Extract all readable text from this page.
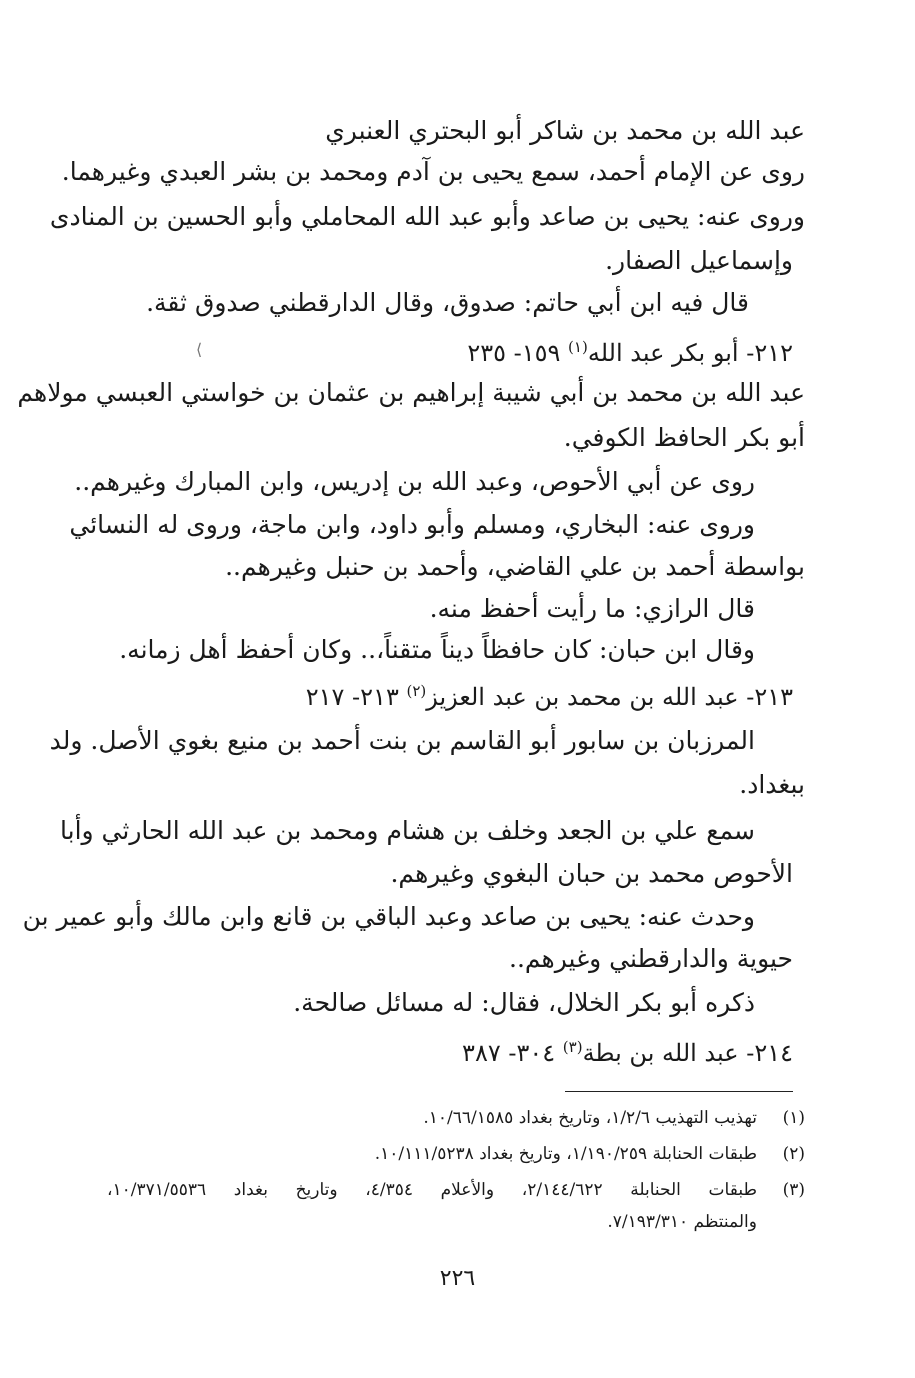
عبد الله بن محمد بن شاكر أبو البحتري العنبري
روى عن الإمام أحمد، سمع يحيى بن آدم ومحمد بن بشر العبدي وغيرهما.
وروى عنه: يحيى بن صاعد وأبو عبد الله المحاملي وأبو الحسين بن المنادى
وإسماعيل الصفار.
قال فيه ابن أبي حاتم: صدوق، وقال الدارقطني صدوق ثقة.
٢١٢- أبو بكر عبد الله$^{(١)}$ ١٥٩- ٢٣٥
عبد الله بن محمد بن أبي شيبة إبراهيم بن عثمان بن خواستي العبسي مولاهم
أبو بكر الحافظ الكوفي.
روى عن أبي الأحوص، وعبد الله بن إدريس، وابن المبارك وغيرهم..
وروى عنه: البخاري، ومسلم وأبو داود، وابن ماجة، وروى له النسائي
بواسطة أحمد بن علي القاضي، وأحمد بن حنبل وغيرهم..
قال الرازي: ما رأيت أحفظ منه.
وقال ابن حبان: كان حافظاً ديناً متقناً،.. وكان أحفظ أهل زمانه.
٢١٣- عبد الله بن محمد بن عبد العزيز$^{(٢)}$ ٢١٣- ٢١٧
المرزبان بن سابور أبو القاسم بن بنت أحمد بن منيع بغوي الأصل. ولد
ببغداد.
سمع علي بن الجعد وخلف بن هشام ومحمد بن عبد الله الحارثي وأبا
الأحوص محمد بن حبان البغوي وغيرهم.
وحدث عنه: يحيى بن صاعد وعبد الباقي بن قانع وابن مالك وأبو عمير بن
حيوية والدارقطني وغيرهم..
ذكره أبو بكر الخلال، فقال: له مسائل صالحة.
٢١٤- عبد الله بن بطة$^{(٣)}$ ٣٠٤- ٣٨٧
(١)
تهذيب التهذيب ١/٢/٦، وتاريخ بغداد ١٠/٦٦/١٥٨٥.
(٢)
طبقات الحنابلة ١/١٩٠/٢٥٩، وتاريخ بغداد ١٠/١١١/٥٢٣٨.
(٣)
طبقات الحنابلة ٢/١٤٤/٦٢٢، والأعلام ٤/٣٥٤، وتاريخ بغداد ١٠/٣٧١/٥٥٣٦،
والمنتظم ٧/١٩٣/٣١٠.
٢٢٦
⟨
